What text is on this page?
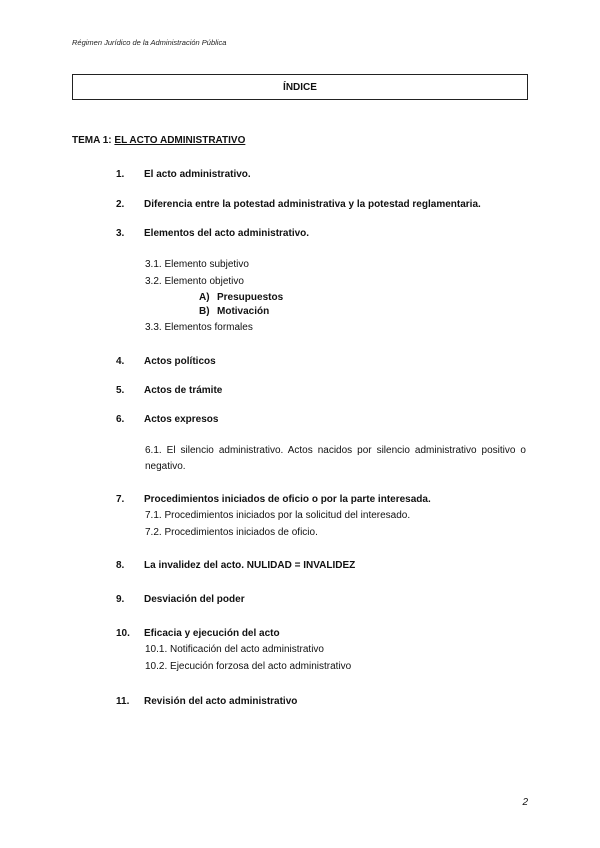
Régimen Jurídico de la Administración Pública
ÍNDICE
TEMA 1: EL ACTO ADMINISTRATIVO
1. El acto administrativo.
2. Diferencia entre la potestad administrativa y la potestad reglamentaria.
3. Elementos del acto administrativo.
3.1. Elemento subjetivo
3.2. Elemento objetivo
A) Presupuestos
B) Motivación
3.3. Elementos formales
4. Actos políticos
5. Actos de trámite
6. Actos expresos
6.1. El silencio administrativo. Actos nacidos por silencio administrativo positivo o negativo.
7. Procedimientos iniciados de oficio o por la parte interesada.
7.1. Procedimientos iniciados por la solicitud del interesado.
7.2. Procedimientos iniciados de oficio.
8. La invalidez del acto. NULIDAD = INVALIDEZ
9. Desviación del poder
10. Eficacia y ejecución del acto
10.1. Notificación del acto administrativo
10.2. Ejecución forzosa del acto administrativo
11. Revisión del acto administrativo
2
